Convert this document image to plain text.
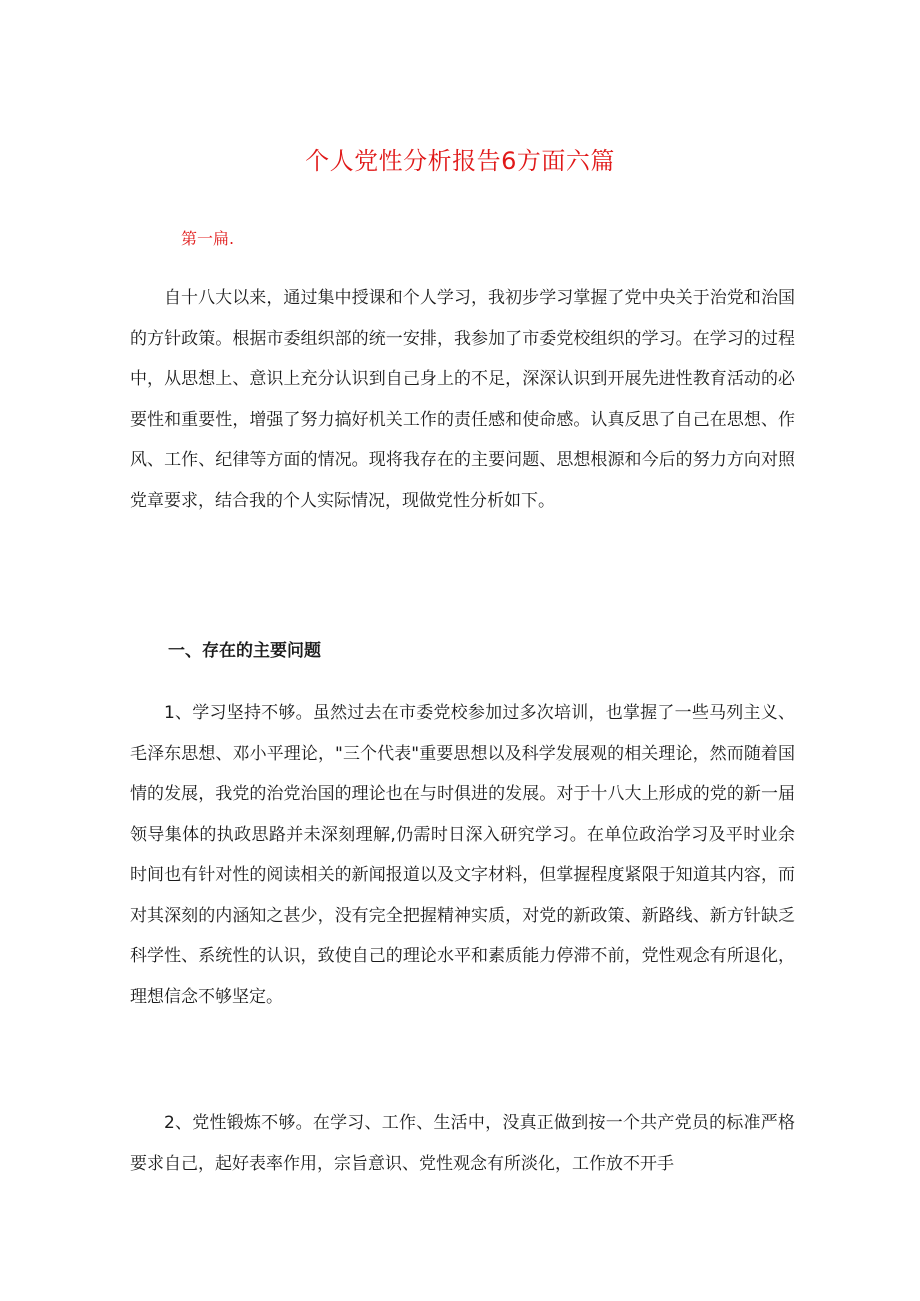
个人党性分析报告6方面六篇

第一扁.

自十八大以来，通过集中授课和个人学习，我初步学习掌握了党中央关于治党和治国的方针政策。根据市委组织部的统一安排，我参加了市委党校组织的学习。在学习的过程中，从思想上、意识上充分认识到自己身上的不足，深深认识到开展先进性教育活动的必要性和重要性，增强了努力搞好机关工作的责任感和使命感。认真反思了自己在思想、作风、工作、纪律等方面的情况。现将我存在的主要问题、思想根源和今后的努力方向对照党章要求，结合我的个人实际情况，现做党性分析如下。

一、存在的主要问题

1、学习坚持不够。虽然过去在市委党校参加过多次培训，也掌握了一些马列主义、毛泽东思想、邓小平理论，"三个代表"重要思想以及科学发展观的相关理论，然而随着国情的发展，我党的治党治国的理论也在与时俱进的发展。对于十八大上形成的党的新一届领导集体的执政思路并未深刻理解,仍需时日深入研究学习。在单位政治学习及平时业余时间也有针对性的阅读相关的新闻报道以及文字材料，但掌握程度紧限于知道其内容，而对其深刻的内涵知之甚少，没有完全把握精神实质，对党的新政策、新路线、新方针缺乏科学性、系统性的认识，致使自己的理论水平和素质能力停滞不前，党性观念有所退化，理想信念不够坚定。

2、党性锻炼不够。在学习、工作、生活中，没真正做到按一个共产党员的标准严格要求自己，起好表率作用，宗旨意识、党性观念有所淡化，工作放不开手
